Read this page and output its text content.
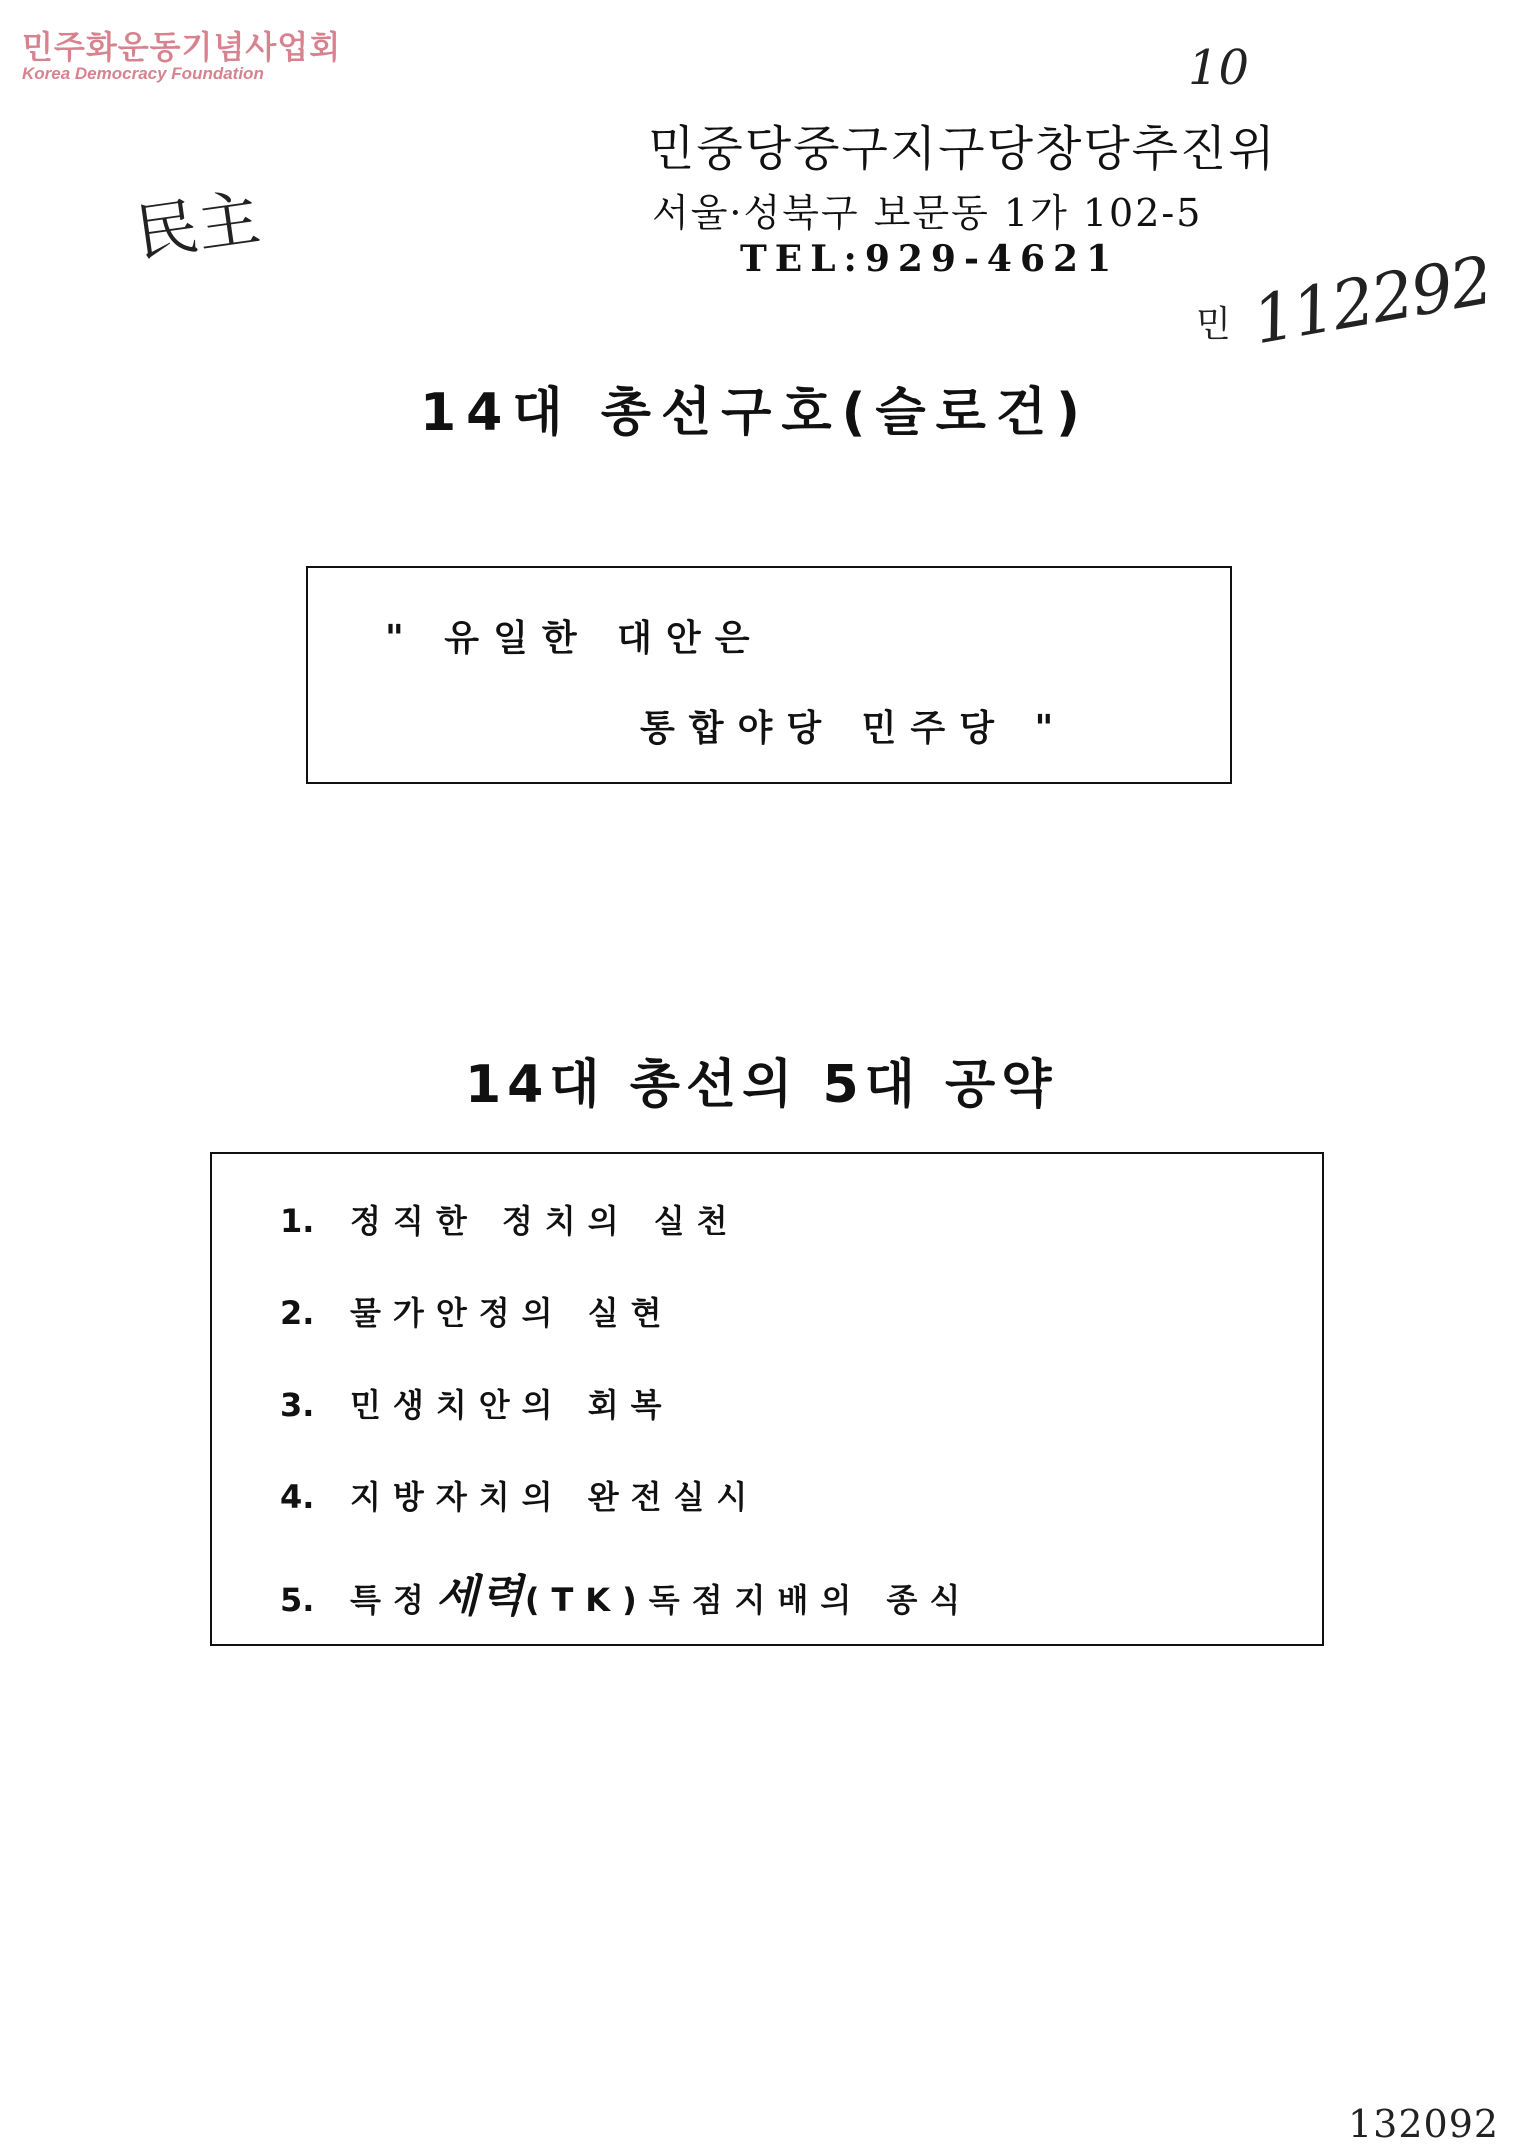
민주화운동기념사업회
Korea Democracy Foundation	10
民主
민 112292
132092
민중당중구지구당창당추진위
서울·성북구 보문동 1가 102-5
TEL:929-4621
14대 총선구호(슬로건)
" 유일한 대안은
통합야당 민주당 "
14대 총선의 5대 공약
1. 정직한 정치의 실천
2. 물가안정의 실현
3. 민생치안의 회복
4. 지방자치의 완전실시
5. 특정세력(TK)독점지배의 종식
